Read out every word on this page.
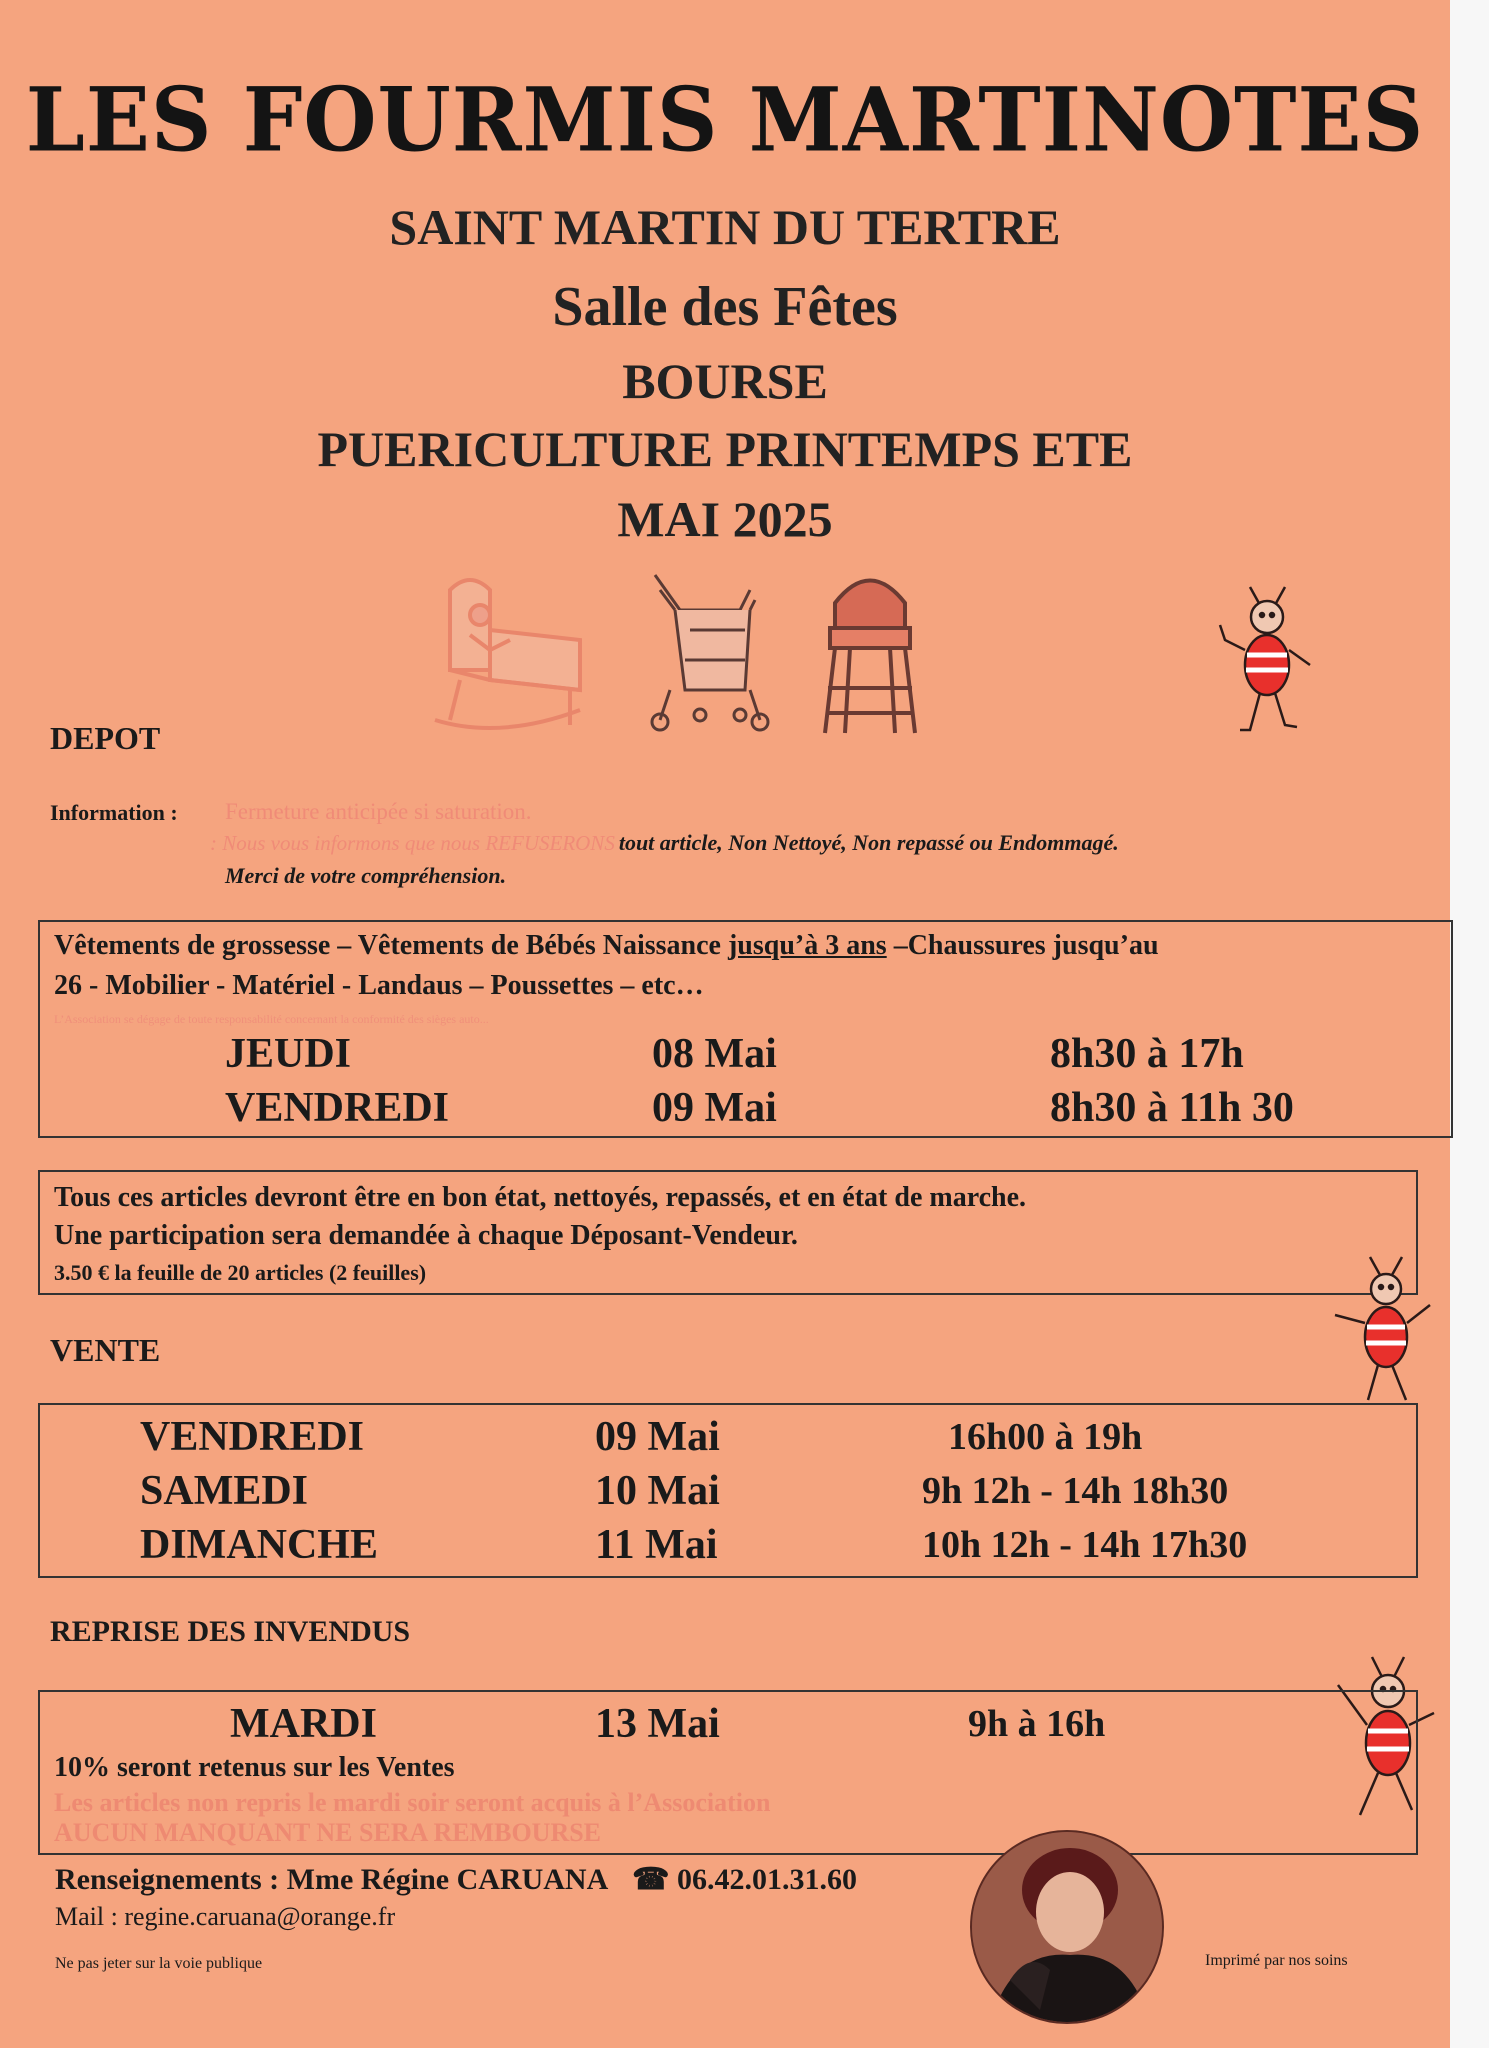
LES FOURMIS MARTINOTES
SAINT MARTIN DU TERTRE
Salle des Fêtes
BOURSE
PUERICULTURE PRINTEMPS ETE
MAI 2025
DEPOT
Information : Fermeture anticipée si saturation.
: Nous vous informons que nous REFUSERONS tout article, Non Nettoyé, Non repassé ou Endommagé.
Merci de votre compréhension.
Vêtements de grossesse – Vêtements de Bébés Naissance jusqu’à 3 ans –Chaussures jusqu’au
26 - Mobilier - Matériel - Landaus – Poussettes – etc…
L’Association se dégage de toute responsabilité concernant la conformité des sièges auto...
JEUDI	08 Mai	8h30 à 17h
VENDREDI	09 Mai	8h30 à 11h 30
Tous ces articles devront être en bon état, nettoyés, repassés, et en état de marche.
Une participation sera demandée à chaque Déposant-Vendeur.
3.50 € la feuille de 20 articles (2 feuilles)
VENTE
VENDREDI	09 Mai	16h00 à 19h
SAMEDI	10 Mai	9h 12h - 14h 18h30
DIMANCHE	11 Mai	10h 12h - 14h 17h30
REPRISE DES INVENDUS
MARDI	13 Mai	9h à 16h
10% seront retenus sur les Ventes
Les articles non repris le mardi soir seront acquis à l’Association
AUCUN MANQUANT NE SERA REMBOURSE
Renseignements : Mme Régine CARUANA ☎ 06.42.01.31.60
Mail : regine.caruana@orange.fr
Ne pas jeter sur la voie publique	Imprimé par nos soins
